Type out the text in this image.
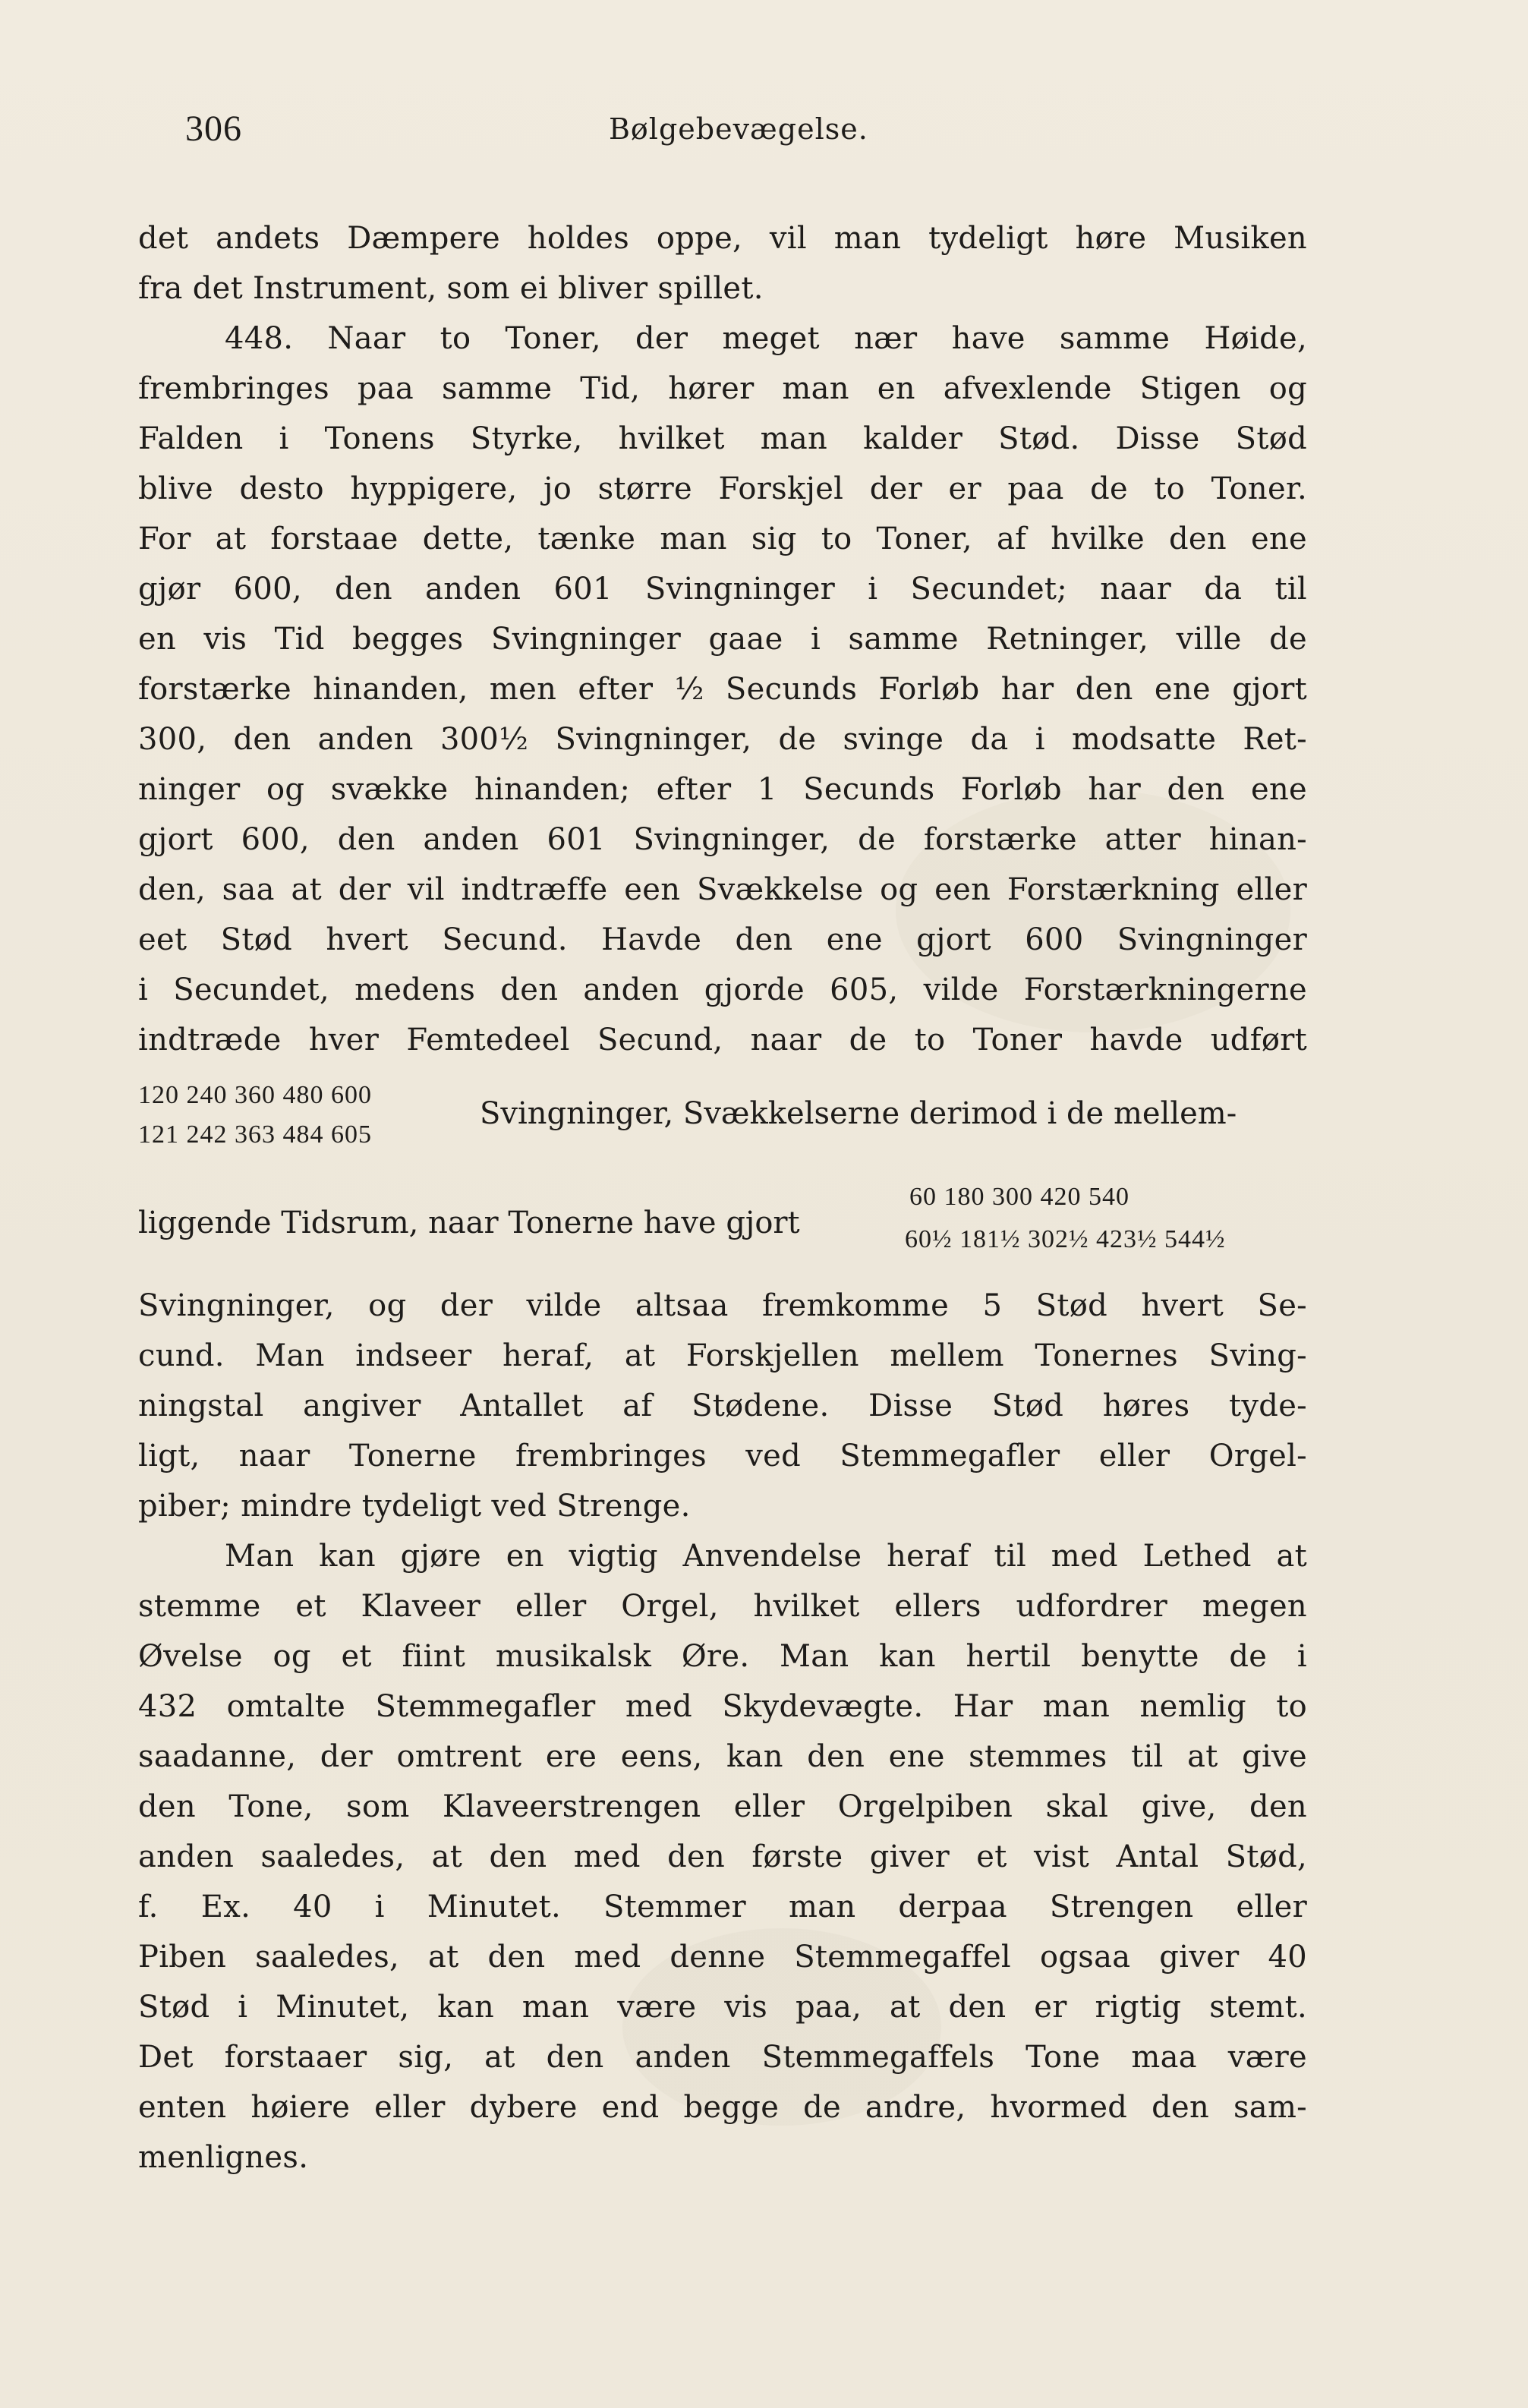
306	Bølgebevægelse.
det andets Dæmpere holdes oppe, vil man tydeligt høre Musiken
fra det Instrument, som ei bliver spillet.
448. Naar to Toner, der meget nær have samme Høide,
frembringes paa samme Tid, hører man en afvexlende Stigen og
Falden i Tonens Styrke, hvilket man kalder Stød. Disse Stød
blive desto hyppigere, jo større Forskjel der er paa de to Toner.
For at forstaae dette, tænke man sig to Toner, af hvilke den ene
gjør 600, den anden 601 Svingninger i Secundet; naar da til
en vis Tid begges Svingninger gaae i samme Retninger, ville de
forstærke hinanden, men efter ½ Secunds Forløb har den ene gjort
300, den anden 300½ Svingninger, de svinge da i modsatte Ret-
ninger og svække hinanden; efter 1 Secunds Forløb har den ene
gjort 600, den anden 601 Svingninger, de forstærke atter hinan-
den, saa at der vil indtræffe een Svækkelse og een Forstærkning eller
eet Stød hvert Secund. Havde den ene gjort 600 Svingninger
i Secundet, medens den anden gjorde 605, vilde Forstærkningerne
indtræde hver Femtedeel Secund, naar de to Toner havde udført
120 240 360 480 600
121 242 363 484 605
Svingninger, Svækkelserne derimod i de mellem-
liggende Tidsrum, naar Tonerne have gjort
60 180 300 420 540
60½ 181½ 302½ 423½ 544½
Svingninger, og der vilde altsaa fremkomme 5 Stød hvert Se-
cund. Man indseer heraf, at Forskjellen mellem Tonernes Sving-
ningstal angiver Antallet af Stødene. Disse Stød høres tyde-
ligt, naar Tonerne frembringes ved Stemmegafler eller Orgel-
piber; mindre tydeligt ved Strenge.
Man kan gjøre en vigtig Anvendelse heraf til med Lethed at
stemme et Klaveer eller Orgel, hvilket ellers udfordrer megen
Øvelse og et fiint musikalsk Øre. Man kan hertil benytte de i
432 omtalte Stemmegafler med Skydevægte. Har man nemlig to
saadanne, der omtrent ere eens, kan den ene stemmes til at give
den Tone, som Klaveerstrengen eller Orgelpiben skal give, den
anden saaledes, at den med den første giver et vist Antal Stød,
f. Ex. 40 i Minutet. Stemmer man derpaa Strengen eller
Piben saaledes, at den med denne Stemmegaffel ogsaa giver 40
Stød i Minutet, kan man være vis paa, at den er rigtig stemt.
Det forstaaer sig, at den anden Stemmegaffels Tone maa være
enten høiere eller dybere end begge de andre, hvormed den sam-
menlignes.
